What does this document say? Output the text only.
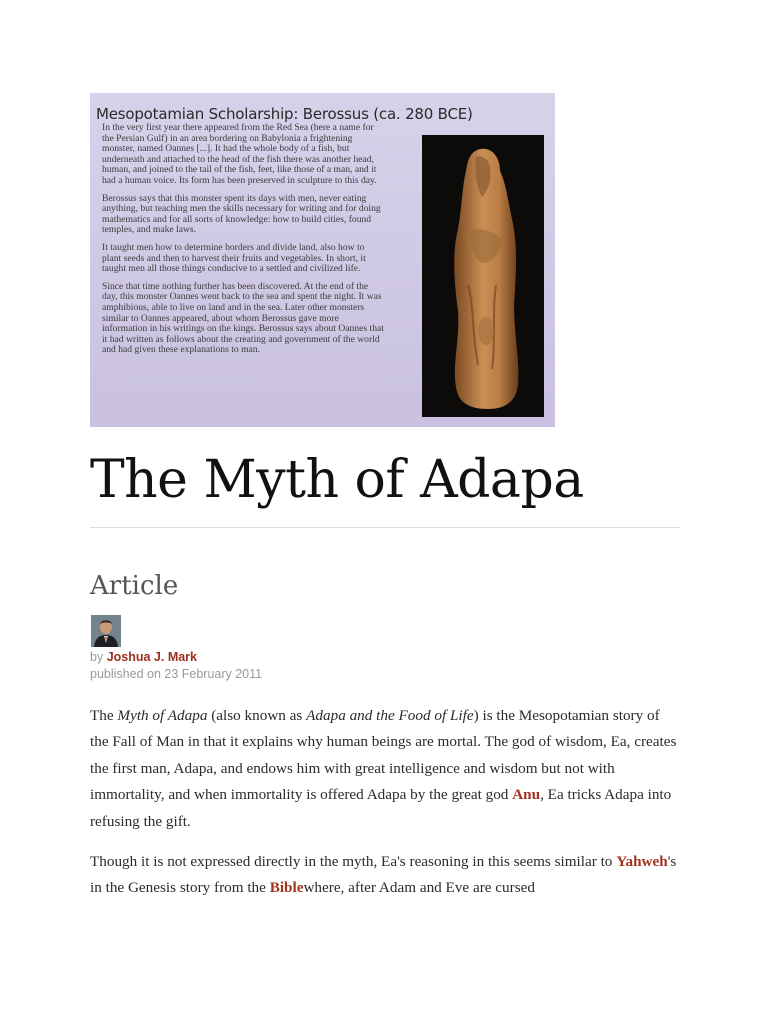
Mesopotamian Scholarship: Berossus (ca. 280 BCE)

In the very first year there appeared from the Red Sea (here a name for the Persian Gulf) in an area bordering on Babylonia a frightening monster, named Oannes [...]. It had the whole body of a fish, but underneath and attached to the head of the fish there was another head, human, and joined to the tail of the fish, feet, like those of a man, and it had a human voice. Its form has been preserved in sculpture to this day.

Berossus says that this monster spent its days with men, never eating anything, but teaching men the skills necessary for writing and for doing mathematics and for all sorts of knowledge: how to build cities, found temples, and make laws.

It taught men how to determine borders and divide land, also how to plant seeds and then to harvest their fruits and vegetables. In short, it taught men all those things conducive to a settled and civilized life.

Since that time nothing further has been discovered. At the end of the day, this monster Oannes went back to the sea and spent the night. It was amphibious, able to live on land and in the sea. Later other monsters similar to Oannes appeared, about whom Berossus gave more information in his writings on the kings. Berossus says about Oannes that it had written as follows about the creating and government of the world and had given these explanations to man.

The Myth of Adapa
Article
by Joshua J. Mark
published on 23 February 2011

The Myth of Adapa (also known as Adapa and the Food of Life) is the Mesopotamian story of the Fall of Man in that it explains why human beings are mortal. The god of wisdom, Ea, creates the first man, Adapa, and endows him with great intelligence and wisdom but not with immortality, and when immortality is offered Adapa by the great god Anu, Ea tricks Adapa into refusing the gift.

Though it is not expressed directly in the myth, Ea's reasoning in this seems similar to Yahweh's in the Genesis story from the Biblewhere, after Adam and Eve are cursed
